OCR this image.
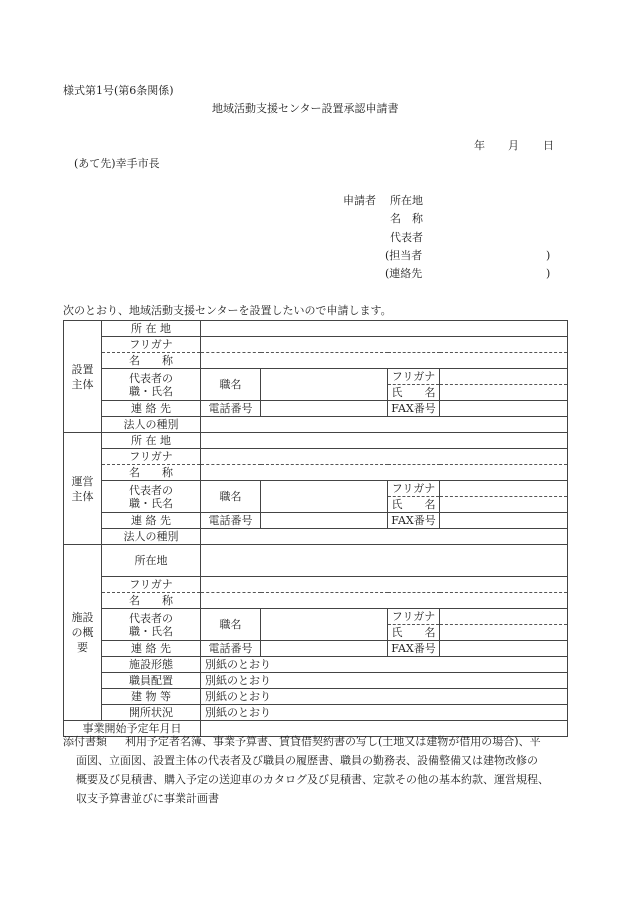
様式第1号(第6条関係)
地域活動支援センター設置承認申請書
年 月 日
(あて先)幸手市長
申請者 所在地
名　称
代表者
(担当者	)
(連絡先	)
次のとおり、地域活動支援センターを設置したいので申請します。
設置
主体	所 在 地				
	フリガナ				
	名　　称				
	代表者の
職・氏名	職名		フリガナ	
				氏　　名	
	連 絡 先	電話番号		FAX番号	
	法人の種別				
運営
主体	所 在 地				
	フリガナ				
	名　　称				
	代表者の
職・氏名	職名		フリガナ	
				氏　　名	
	連 絡 先	電話番号		FAX番号	
	法人の種別				
施設
の概
要	所在地				
	フリガナ				
	名　　称				
	代表者の
職・氏名	職名		フリガナ	
				氏　　名	
	連 絡 先	電話番号		FAX番号	
	施設形態	別紙のとおり			
	職員配置	別紙のとおり			
	建 物 等	別紙のとおり			
	開所状況	別紙のとおり			
事業開始予定年月日					
添付書類 利用予定者名簿、事業予算書、賃貸借契約書の写し(土地又は建物が借用の場合)、平
面図、立面図、設置主体の代表者及び職員の履歴書、職員の勤務表、設備整備又は建物改修の
概要及び見積書、購入予定の送迎車のカタログ及び見積書、定款その他の基本約款、運営規程、
収支予算書並びに事業計画書
